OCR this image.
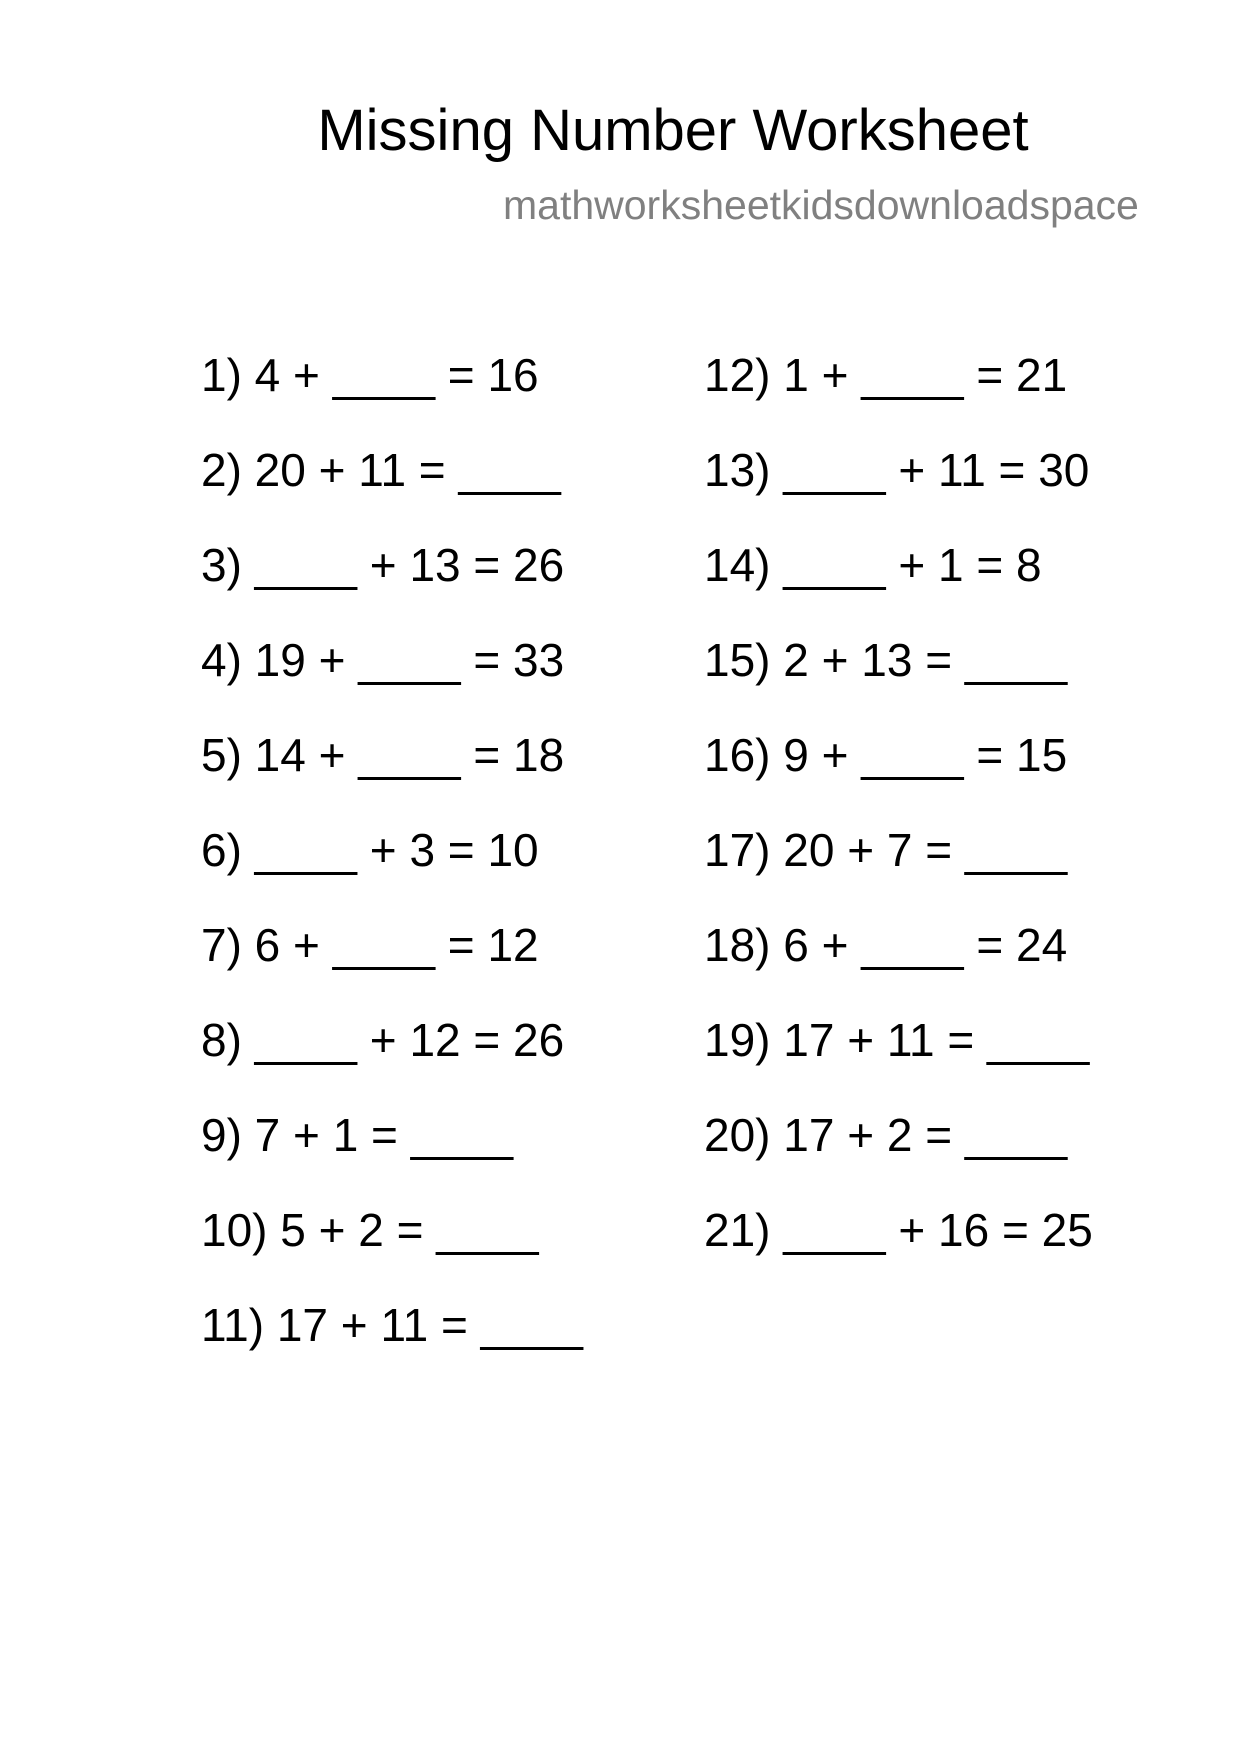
Missing Number Worksheet
mathworksheetkidsdownloadspace
1) 4 + ____ = 16
2) 20 + 11 = ____
3) ____ + 13 = 26
4) 19 + ____ = 33
5) 14 + ____ = 18
6) ____ + 3 = 10
7) 6 + ____ = 12
8) ____ + 12 = 26
9) 7 + 1 = ____
10) 5 + 2 = ____
11) 17 + 11 = ____
12) 1 + ____ = 21
13) ____ + 11 = 30
14) ____ + 1 = 8
15) 2 + 13 = ____
16) 9 + ____ = 15
17) 20 + 7 = ____
18) 6 + ____ = 24
19) 17 + 11 = ____
20) 17 + 2 = ____
21) ____ + 16 = 25
